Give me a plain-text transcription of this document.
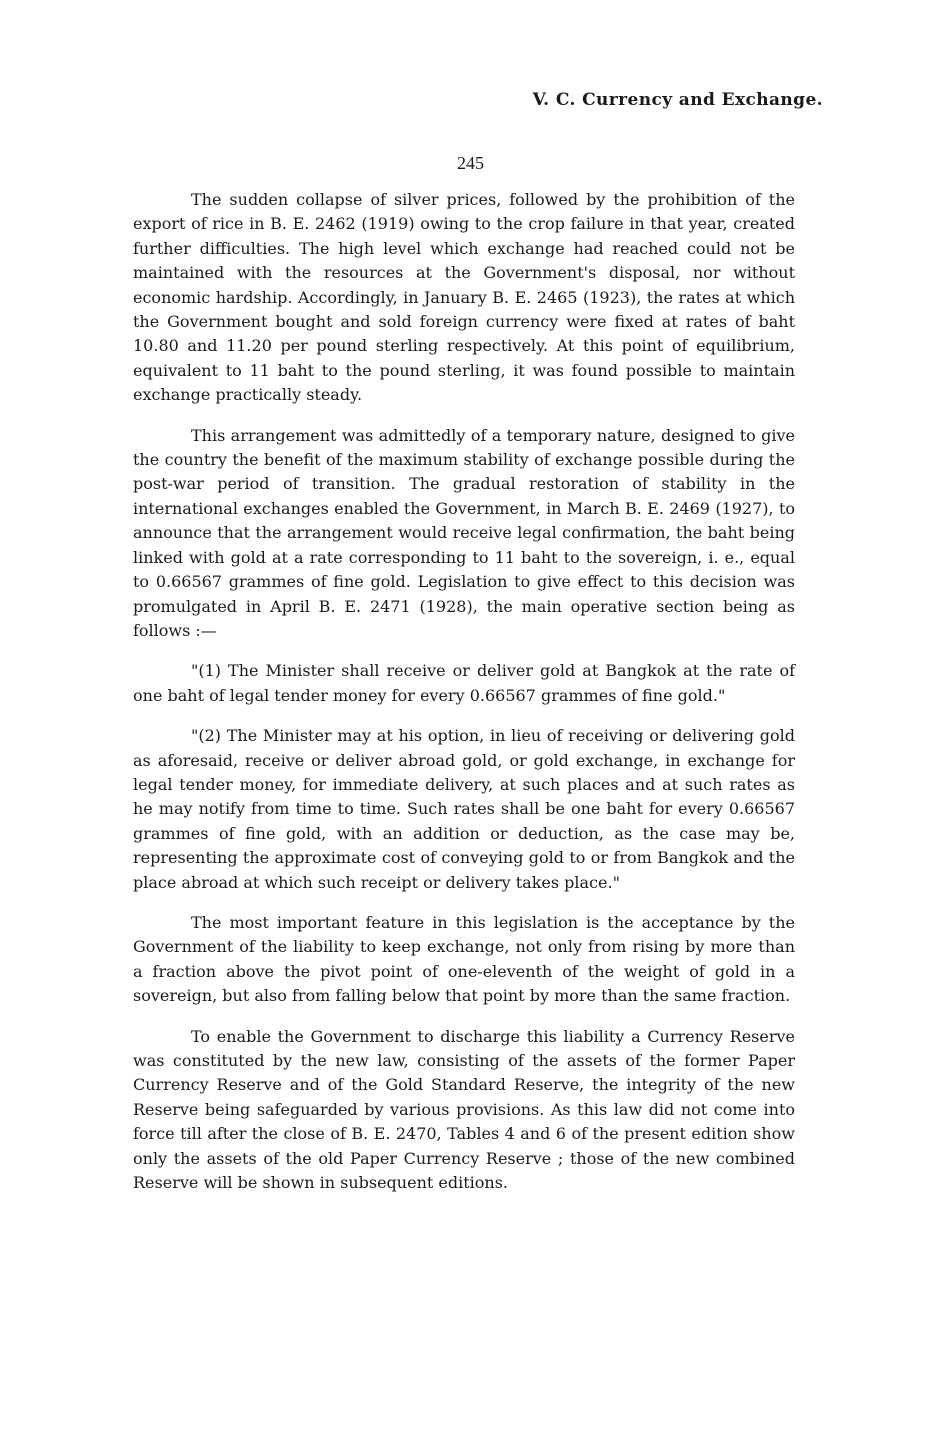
V. C. Currency and Exchange.
245

The sudden collapse of silver prices, followed by the prohibition of the export of rice in B. E. 2462 (1919) owing to the crop failure in that year, created further difficulties. The high level which exchange had reached could not be maintained with the resources at the Government's disposal, nor without economic hardship. Accordingly, in January B. E. 2465 (1923), the rates at which the Government bought and sold foreign currency were fixed at rates of baht 10.80 and 11.20 per pound sterling respectively. At this point of equilibrium, equivalent to 11 baht to the pound sterling, it was found possible to maintain exchange practically steady.

This arrangement was admittedly of a temporary nature, designed to give the country the benefit of the maximum stability of exchange possible during the post-war period of transition. The gradual restoration of stability in the international exchanges enabled the Government, in March B. E. 2469 (1927), to announce that the arrangement would receive legal confirmation, the baht being linked with gold at a rate corresponding to 11 baht to the sovereign, i. e., equal to 0.66567 grammes of fine gold. Legislation to give effect to this decision was promulgated in April B. E. 2471 (1928), the main operative section being as follows :—

"(1) The Minister shall receive or deliver gold at Bangkok at the rate of one baht of legal tender money for every 0.66567 grammes of fine gold."

"(2) The Minister may at his option, in lieu of receiving or delivering gold as aforesaid, receive or deliver abroad gold, or gold exchange, in exchange for legal tender money, for immediate delivery, at such places and at such rates as he may notify from time to time. Such rates shall be one baht for every 0.66567 grammes of fine gold, with an addition or deduction, as the case may be, representing the approximate cost of conveying gold to or from Bangkok and the place abroad at which such receipt or delivery takes place."

The most important feature in this legislation is the acceptance by the Government of the liability to keep exchange, not only from rising by more than a fraction above the pivot point of one-eleventh of the weight of gold in a sovereign, but also from falling below that point by more than the same fraction.

To enable the Government to discharge this liability a Currency Reserve was constituted by the new law, consisting of the assets of the former Paper Currency Reserve and of the Gold Standard Reserve, the integrity of the new Reserve being safeguarded by various provisions. As this law did not come into force till after the close of B. E. 2470, Tables 4 and 6 of the present edition show only the assets of the old Paper Currency Reserve ; those of the new combined Reserve will be shown in subsequent editions.
